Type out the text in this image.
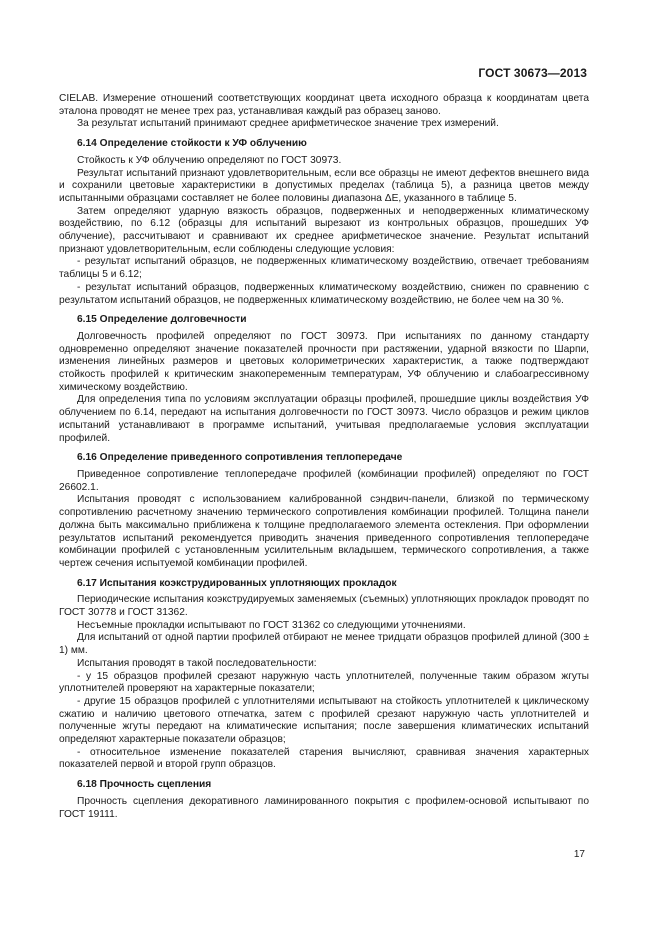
ГОСТ 30673—2013

CIELAB. Измерение отношений соответствующих координат цвета исходного образца к координатам цвета эталона проводят не менее трех раз, устанавливая каждый раз образец заново.

За результат испытаний принимают среднее арифметическое значение трех измерений.

6.14 Определение стойкости к УФ облучению

Стойкость к УФ облучению определяют по ГОСТ 30973.

Результат испытаний признают удовлетворительным, если все образцы не имеют дефектов внешнего вида и сохранили цветовые характеристики в допустимых пределах (таблица 5), а разница цветов между испытанными образцами составляет не более половины диапазона ΔE, указанного в таблице 5.

Затем определяют ударную вязкость образцов, подверженных и неподверженных климатическому воздействию, по 6.12 (образцы для испытаний вырезают из контрольных образцов, прошедших УФ облучение), рассчитывают и сравнивают их среднее арифметическое значение. Результат испытаний признают удовлетворительным, если соблюдены следующие условия:

- результат испытаний образцов, не подверженных климатическому воздействию, отвечает требованиям таблицы 5 и 6.12;

- результат испытаний образцов, подверженных климатическому воздействию, снижен по сравнению с результатом испытаний образцов, не подверженных климатическому воздействию, не более чем на 30 %.

6.15 Определение долговечности

Долговечность профилей определяют по ГОСТ 30973. При испытаниях по данному стандарту одновременно определяют значение показателей прочности при растяжении, ударной вязкости по Шарпи, изменения линейных размеров и цветовых колориметрических характеристик, а также подтверждают стойкость профилей к критическим знакопеременным температурам, УФ облучению и слабоагрессивному химическому воздействию.

Для определения типа по условиям эксплуатации образцы профилей, прошедшие циклы воздействия УФ облучением по 6.14, передают на испытания долговечности по ГОСТ 30973. Число образцов и режим циклов испытаний устанавливают в программе испытаний, учитывая предполагаемые условия эксплуатации профилей.

6.16 Определение приведенного сопротивления теплопередаче

Приведенное сопротивление теплопередаче профилей (комбинации профилей) определяют по ГОСТ 26602.1.

Испытания проводят с использованием калиброванной сэндвич-панели, близкой по термическому сопротивлению расчетному значению термического сопротивления комбинации профилей. Толщина панели должна быть максимально приближена к толщине предполагаемого элемента остекления. При оформлении результатов испытаний рекомендуется приводить значения приведенного сопротивления теплопередаче комбинации профилей с установленным усилительным вкладышем, термического сопротивления, а также чертеж сечения испытуемой комбинации профилей.

6.17 Испытания коэкструдированных уплотняющих прокладок

Периодические испытания коэкструдируемых заменяемых (съемных) уплотняющих прокладок проводят по ГОСТ 30778 и ГОСТ 31362.

Несъемные прокладки испытывают по ГОСТ 31362 со следующими уточнениями.

Для испытаний от одной партии профилей отбирают не менее тридцати образцов профилей длиной (300 ± 1) мм.

Испытания проводят в такой последовательности:

- у 15 образцов профилей срезают наружную часть уплотнителей, полученные таким образом жгуты уплотнителей проверяют на характерные показатели;

- другие 15 образцов профилей с уплотнителями испытывают на стойкость уплотнителей к циклическому сжатию и наличию цветового отпечатка, затем с профилей срезают наружную часть уплотнителей и полученные жгуты передают на климатические испытания; после завершения климатических испытаний определяют характерные показатели образцов;

- относительное изменение показателей старения вычисляют, сравнивая значения характерных показателей первой и второй групп образцов.

6.18 Прочность сцепления

Прочность сцепления декоративного ламинированного покрытия с профилем-основой испытывают по ГОСТ 19111.

17
